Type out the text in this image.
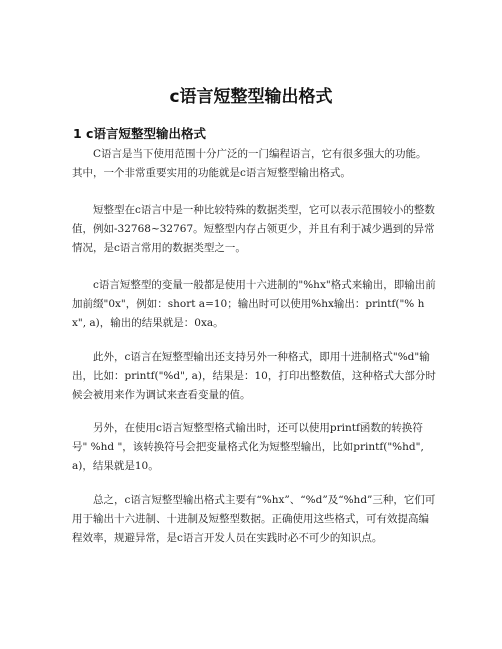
c语言短整型输出格式
1 c语言短整型输出格式

C语言是当下使用范围十分广泛的一门编程语言，它有很多强大的功能。其中，一个非常重要实用的功能就是c语言短整型输出格式。

短整型在c语言中是一种比较特殊的数据类型，它可以表示范围较小的整数值，例如-32768~32767。短整型内存占领更少，并且有利于减少遇到的异常情况，是c语言常用的数据类型之一。

c语言短整型的变量一般都是使用十六进制的"%hx"格式来输出，即输出前加前缀"0x"，例如：short a=10；输出时可以使用%hx输出：printf("% hx", a)，输出的结果就是：0xa。

此外，c语言在短整型输出还支持另外一种格式，即用十进制格式"%d"输出，比如：printf("%d", a)，结果是：10，打印出整数值，这种格式大部分时候会被用来作为调试来查看变量的值。

另外，在使用c语言短整型格式输出时，还可以使用printf函数的转换符号" %hd "，该转换符号会把变量格式化为短整型输出，比如printf("%hd", a)，结果就是10。

总之，c语言短整型输出格式主要有“%hx”、“%d”及“%hd”三种，它们可用于输出十六进制、十进制及短整型数据。正确使用这些格式，可有效提高编程效率，规避异常，是c语言开发人员在实践时必不可少的知识点。
